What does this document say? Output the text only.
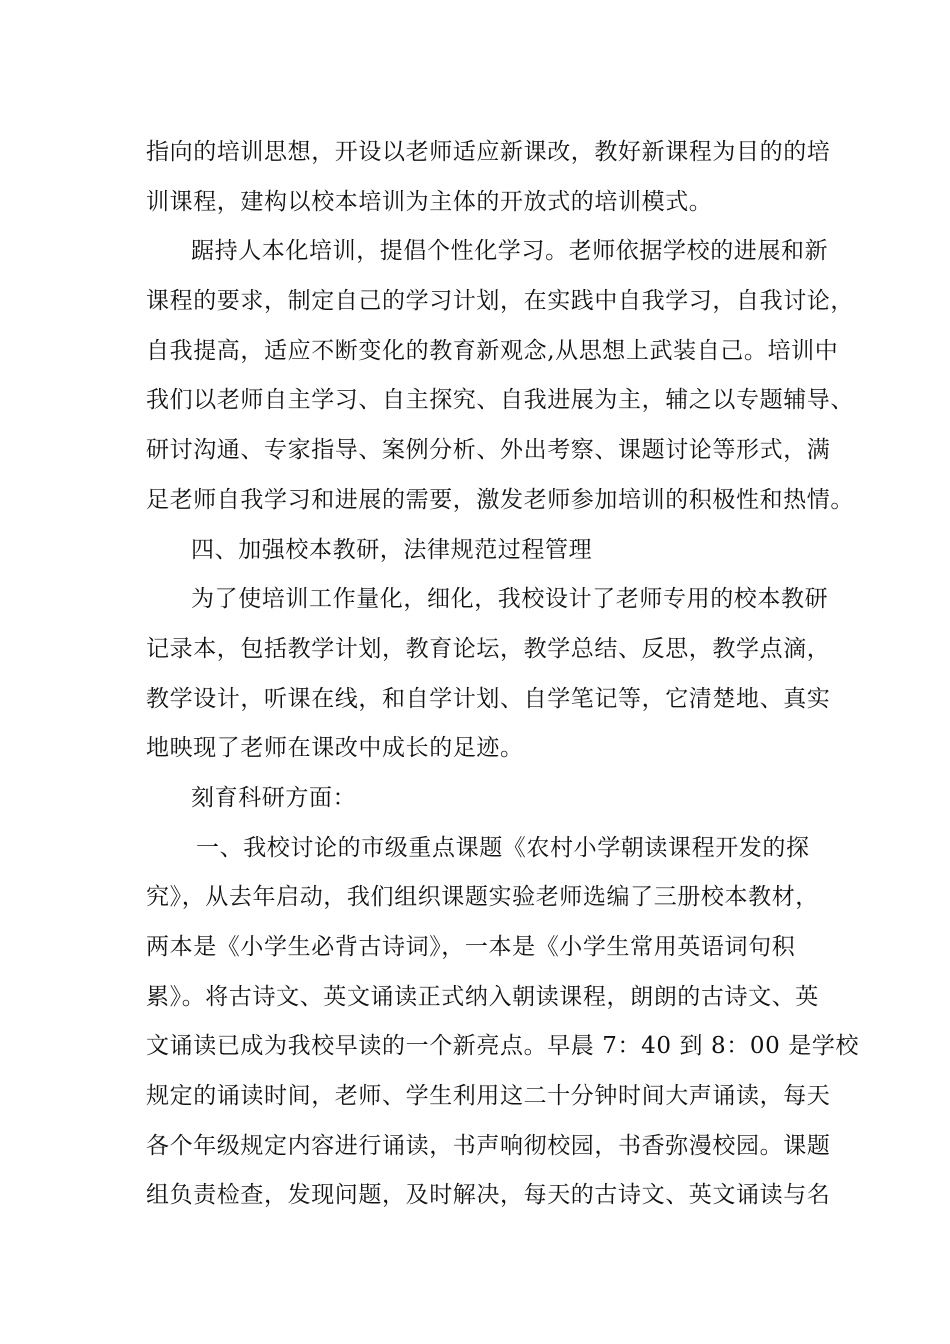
指向的培训思想，开设以老师适应新课改，教好新课程为目的的培
训课程，建构以校本培训为主体的开放式的培训模式。
踞持人本化培训，提倡个性化学习。老师依据学校的进展和新
课程的要求，制定自己的学习计划，在实践中自我学习，自我讨论，
自我提高，适应不断变化的教育新观念,从思想上武装自己。培训中
我们以老师自主学习、自主探究、自我进展为主，辅之以专题辅导、
研讨沟通、专家指导、案例分析、外出考察、课题讨论等形式，满
足老师自我学习和进展的需要，激发老师参加培训的积极性和热情。
四、加强校本教研，法律规范过程管理
为了使培训工作量化，细化，我校设计了老师专用的校本教研
记录本，包括教学计划，教育论坛，教学总结、反思，教学点滴，
教学设计，听课在线，和自学计划、自学笔记等，它清楚地、真实
地映现了老师在课改中成长的足迹。
刻育科研方面：
一、我校讨论的市级重点课题《农村小学朝读课程开发的探
究》，从去年启动，我们组织课题实验老师选编了三册校本教材，
两本是《小学生必背古诗词》，一本是《小学生常用英语词句积
累》。将古诗文、英文诵读正式纳入朝读课程，朗朗的古诗文、英
文诵读已成为我校早读的一个新亮点。早晨 7：40 到 8：00 是学校
规定的诵读时间，老师、学生利用这二十分钟时间大声诵读，每天
各个年级规定内容进行诵读，书声响彻校园，书香弥漫校园。课题
组负责检查，发现问题，及时解决，每天的古诗文、英文诵读与名
